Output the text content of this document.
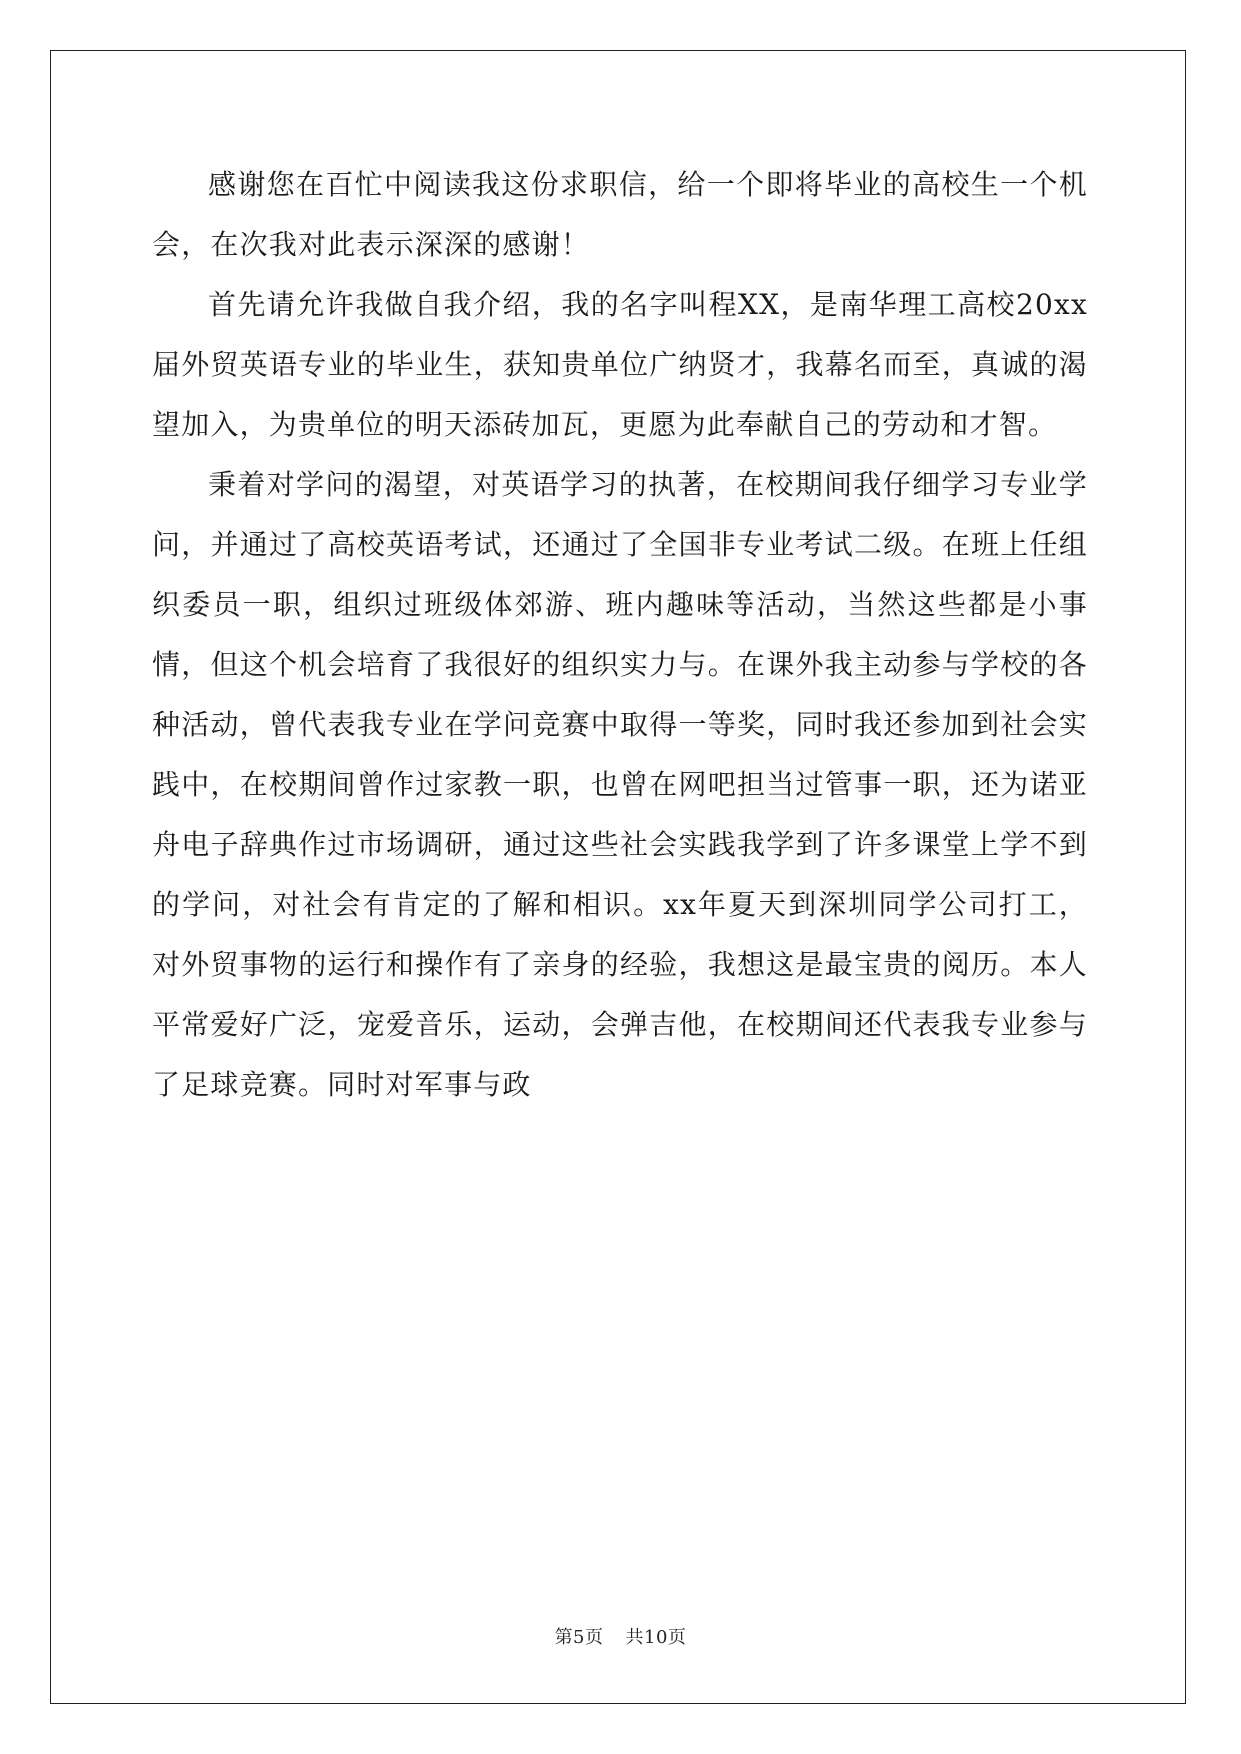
感谢您在百忙中阅读我这份求职信，给一个即将毕业的高校生一个机会，在次我对此表示深深的感谢！

首先请允许我做自我介绍，我的名字叫程XX，是南华理工高校20xx届外贸英语专业的毕业生，获知贵单位广纳贤才，我幕名而至，真诚的渴望加入，为贵单位的明天添砖加瓦，更愿为此奉献自己的劳动和才智。

秉着对学问的渴望，对英语学习的执著，在校期间我仔细学习专业学问，并通过了高校英语考试，还通过了全国非专业考试二级。在班上任组织委员一职，组织过班级体郊游、班内趣味等活动，当然这些都是小事情，但这个机会培育了我很好的组织实力与。在课外我主动参与学校的各种活动，曾代表我专业在学问竞赛中取得一等奖，同时我还参加到社会实践中，在校期间曾作过家教一职，也曾在网吧担当过管事一职，还为诺亚舟电子辞典作过市场调研，通过这些社会实践我学到了许多课堂上学不到的学问，对社会有肯定的了解和相识。xx年夏天到深圳同学公司打工，对外贸事物的运行和操作有了亲身的经验，我想这是最宝贵的阅历。本人平常爱好广泛，宠爱音乐，运动，会弹吉他，在校期间还代表我专业参与了足球竞赛。同时对军事与政

第5页 共10页
